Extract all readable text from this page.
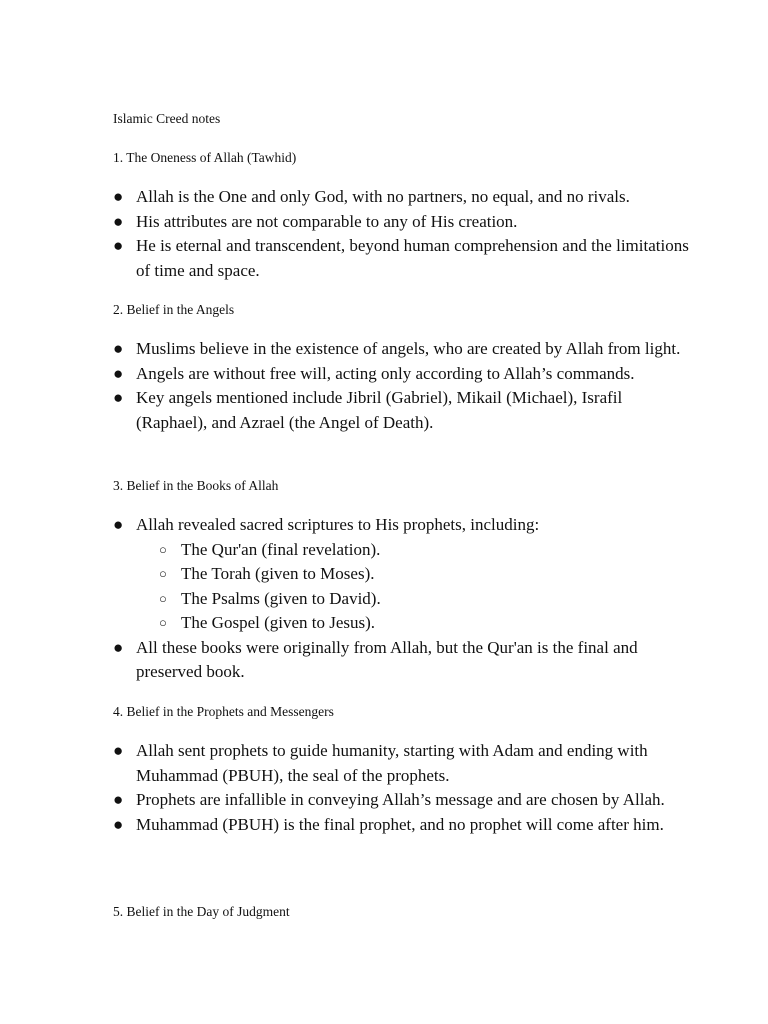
Islamic Creed notes

1. The Oneness of Allah (Tawhid)

● Allah is the One and only God, with no partners, no equal, and no rivals.
● His attributes are not comparable to any of His creation.
● He is eternal and transcendent, beyond human comprehension and the limitations of time and space.

2. Belief in the Angels

● Muslims believe in the existence of angels, who are created by Allah from light.
● Angels are without free will, acting only according to Allah’s commands.
● Key angels mentioned include Jibril (Gabriel), Mikail (Michael), Israfil (Raphael), and Azrael (the Angel of Death).

3. Belief in the Books of Allah

● Allah revealed sacred scriptures to His prophets, including:
○ The Qur'an (final revelation).
○ The Torah (given to Moses).
○ The Psalms (given to David).
○ The Gospel (given to Jesus).
● All these books were originally from Allah, but the Qur'an is the final and preserved book.

4. Belief in the Prophets and Messengers

● Allah sent prophets to guide humanity, starting with Adam and ending with Muhammad (PBUH), the seal of the prophets.
● Prophets are infallible in conveying Allah’s message and are chosen by Allah.
● Muhammad (PBUH) is the final prophet, and no prophet will come after him.

5. Belief in the Day of Judgment
